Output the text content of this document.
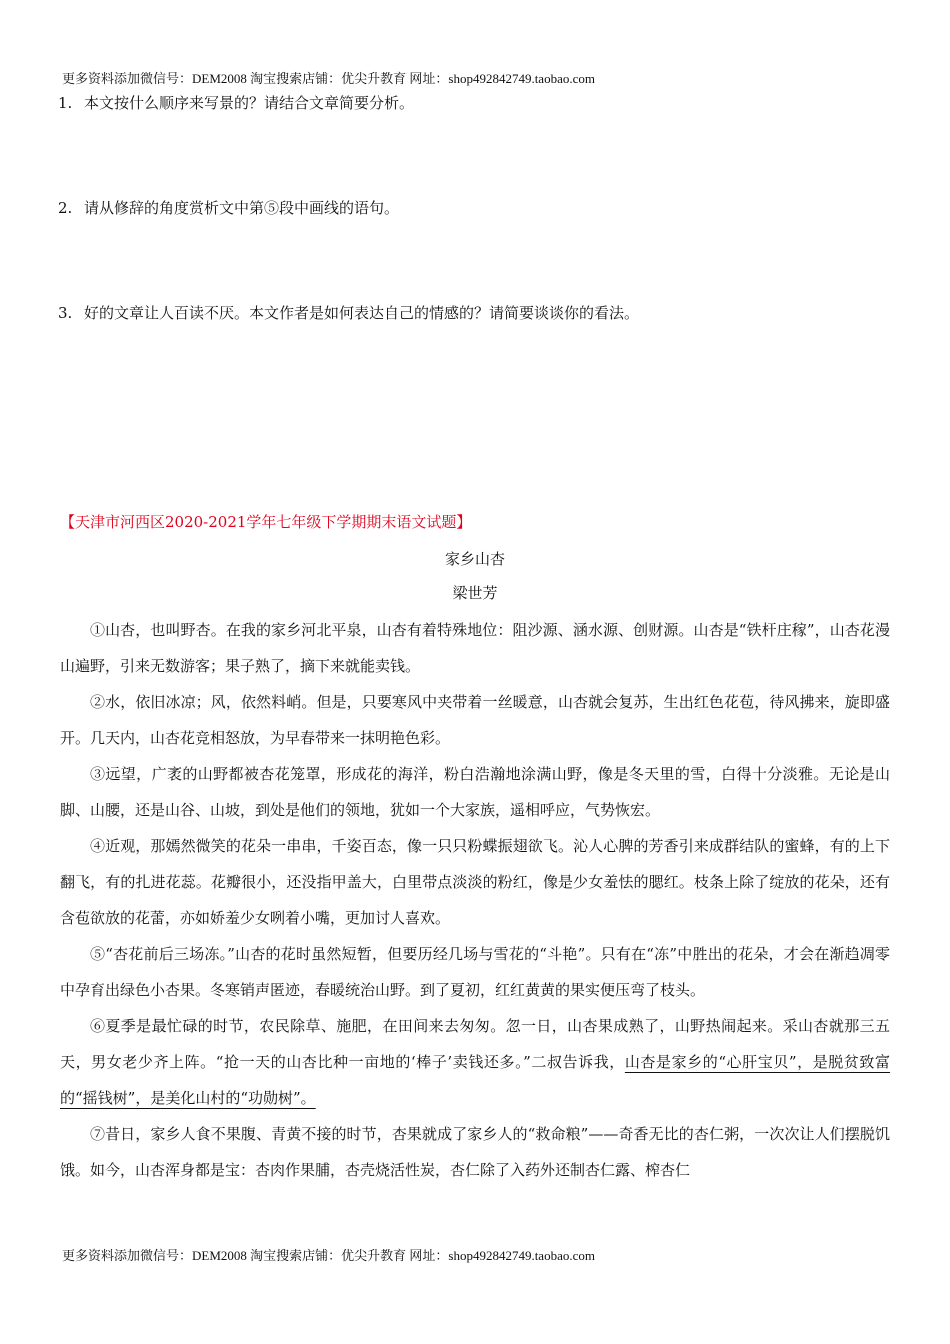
更多资料添加微信号：DEM2008 淘宝搜索店铺：优尖升教育 网址：shop492842749.taobao.com
1. 本文按什么顺序来写景的？请结合文章简要分析。
2. 请从修辞的角度赏析文中第⑤段中画线的语句。
3. 好的文章让人百读不厌。本文作者是如何表达自己的情感的？请简要谈谈你的看法。
【天津市河西区2020-2021学年七年级下学期期末语文试题】
家乡山杏
梁世芳

①山杏，也叫野杏。在我的家乡河北平泉，山杏有着特殊地位：阻沙源、涵水源、创财源。山杏是“铁杆庄稼”，山杏花漫山遍野，引来无数游客；果子熟了，摘下来就能卖钱。

②水，依旧冰凉；风，依然料峭。但是，只要寒风中夹带着一丝暖意，山杏就会复苏，生出红色花苞，待风拂来，旋即盛开。几天内，山杏花竞相怒放，为早春带来一抹明艳色彩。

③远望，广袤的山野都被杏花笼罩，形成花的海洋，粉白浩瀚地涂满山野，像是冬天里的雪，白得十分淡雅。无论是山脚、山腰，还是山谷、山坡，到处是他们的领地，犹如一个大家族，遥相呼应，气势恢宏。

④近观，那嫣然微笑的花朵一串串，千姿百态，像一只只粉蝶振翅欲飞。沁人心脾的芳香引来成群结队的蜜蜂，有的上下翻飞，有的扎进花蕊。花瓣很小，还没指甲盖大，白里带点淡淡的粉红，像是少女羞怯的腮红。枝条上除了绽放的花朵，还有含苞欲放的花蕾，亦如娇羞少女咧着小嘴，更加讨人喜欢。

⑤“杏花前后三场冻。”山杏的花时虽然短暂，但要历经几场与雪花的“斗艳”。只有在“冻”中胜出的花朵，才会在渐趋凋零中孕育出绿色小杏果。冬寒销声匿迹，春暖统治山野。到了夏初，红红黄黄的果实便压弯了枝头。

⑥夏季是最忙碌的时节，农民除草、施肥，在田间来去匆匆。忽一日，山杏果成熟了，山野热闹起来。采山杏就那三五天，男女老少齐上阵。“抢一天的山杏比种一亩地的‘棒子’卖钱还多。”二叔告诉我，山杏是家乡的“心肝宝贝”，是脱贫致富的“摇钱树”，是美化山村的“功勋树”。

⑦昔日，家乡人食不果腹、青黄不接的时节，杏果就成了家乡人的“救命粮”——奇香无比的杏仁粥，一次次让人们摆脱饥饿。如今，山杏浑身都是宝：杏肉作果脯，杏壳烧活性炭，杏仁除了入药外还制杏仁露、榨杏仁

更多资料添加微信号：DEM2008 淘宝搜索店铺：优尖升教育 网址：shop492842749.taobao.com
